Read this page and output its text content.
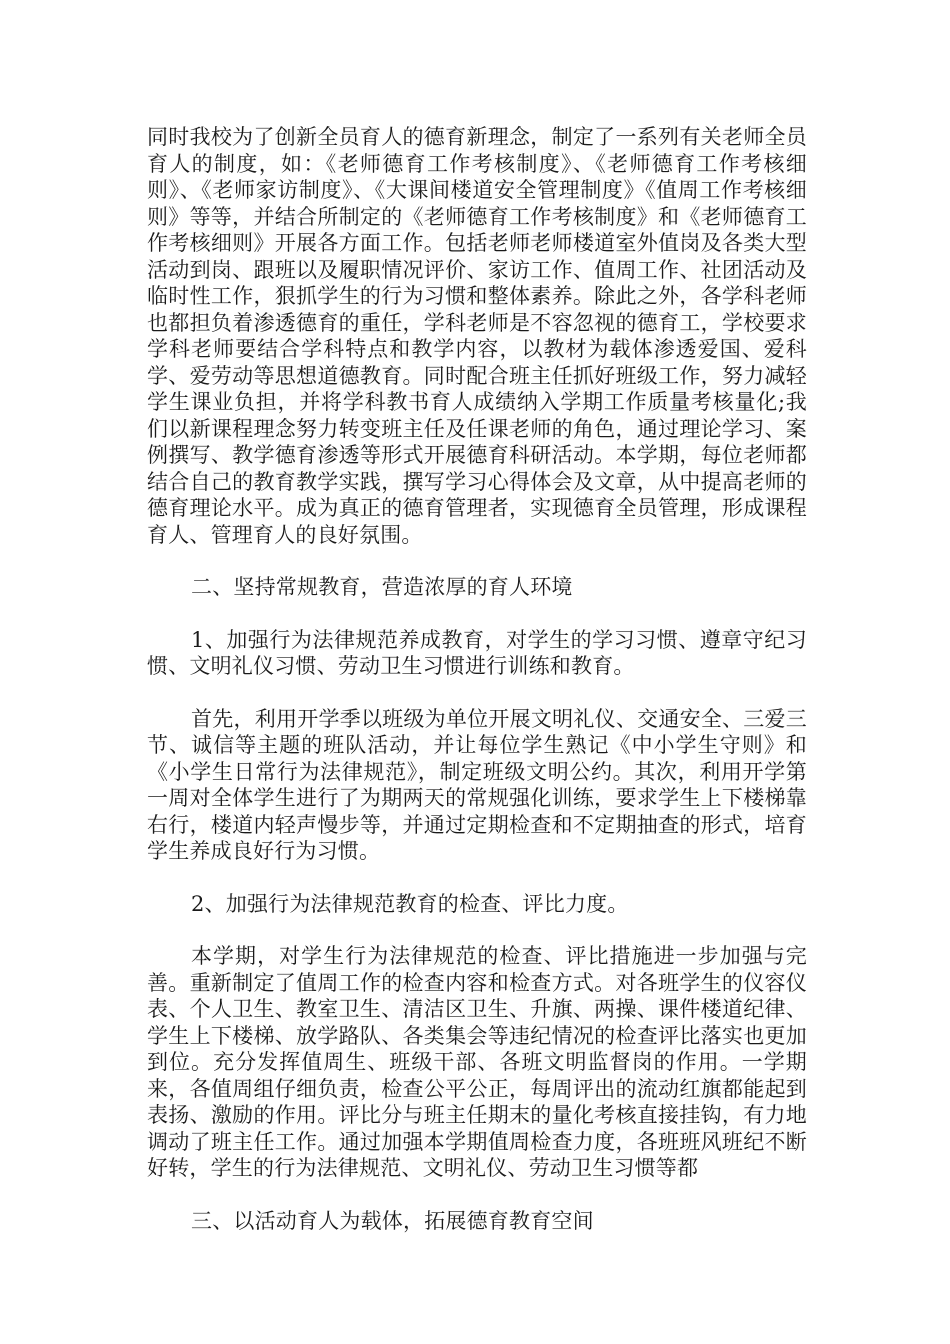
同时我校为了创新全员育人的德育新理念，制定了一系列有关老师全员育人的制度，如：《老师德育工作考核制度》、《老师德育工作考核细则》、《老师家访制度》、《大课间楼道安全管理制度》《值周工作考核细则》等等，并结合所制定的《老师德育工作考核制度》和《老师德育工作考核细则》开展各方面工作。包括老师老师楼道室外值岗及各类大型活动到岗、跟班以及履职情况评价、家访工作、值周工作、社团活动及临时性工作，狠抓学生的行为习惯和整体素养。除此之外，各学科老师也都担负着渗透德育的重任，学科老师是不容忽视的德育工，学校要求学科老师要结合学科特点和教学内容，以教材为载体渗透爱国、爱科学、爱劳动等思想道德教育。同时配合班主任抓好班级工作，努力减轻学生课业负担，并将学科教书育人成绩纳入学期工作质量考核量化;我们以新课程理念努力转变班主任及任课老师的角色，通过理论学习、案例撰写、教学德育渗透等形式开展德育科研活动。本学期，每位老师都结合自己的教育教学实践，撰写学习心得体会及文章，从中提高老师的德育理论水平。成为真正的德育管理者，实现德育全员管理，形成课程育人、管理育人的良好氛围。

二、坚持常规教育，营造浓厚的育人环境

1、加强行为法律规范养成教育，对学生的学习习惯、遵章守纪习惯、文明礼仪习惯、劳动卫生习惯进行训练和教育。

首先，利用开学季以班级为单位开展文明礼仪、交通安全、三爱三节、诚信等主题的班队活动，并让每位学生熟记《中小学生守则》和《小学生日常行为法律规范》，制定班级文明公约。其次，利用开学第一周对全体学生进行了为期两天的常规强化训练，要求学生上下楼梯靠右行，楼道内轻声慢步等，并通过定期检查和不定期抽查的形式，培育学生养成良好行为习惯。

2、加强行为法律规范教育的检查、评比力度。

本学期，对学生行为法律规范的检查、评比措施进一步加强与完善。重新制定了值周工作的检查内容和检查方式。对各班学生的仪容仪表、个人卫生、教室卫生、清洁区卫生、升旗、两操、课件楼道纪律、学生上下楼梯、放学路队、各类集会等违纪情况的检查评比落实也更加到位。充分发挥值周生、班级干部、各班文明监督岗的作用。一学期来，各值周组仔细负责，检查公平公正，每周评出的流动红旗都能起到表扬、激励的作用。评比分与班主任期末的量化考核直接挂钩，有力地调动了班主任工作。通过加强本学期值周检查力度，各班班风班纪不断好转，学生的行为法律规范、文明礼仪、劳动卫生习惯等都

三、以活动育人为载体，拓展德育教育空间
